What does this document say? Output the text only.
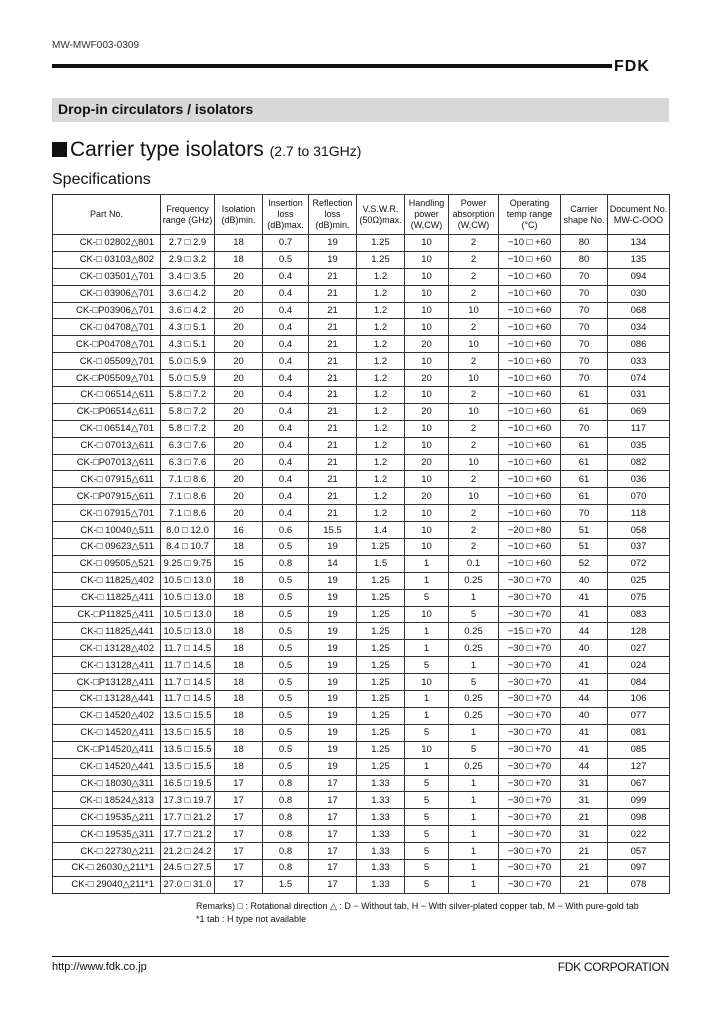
MW-MWF003-0309
FDK
Drop-in circulators / isolators
Carrier type isolators (2.7 to 31GHz)
Specifications
Part No.	Frequency range (GHz)	Isolation (dB)min.	Insertion loss (dB)max.	Reflection loss (dB)min.	V.S.W.R. (50Ω)max.	Handling power (W,CW)	Power absorption (W,CW)	Operating temp range (°C)	Carrier shape No.	Document No. MW-C-OOO
CK-□ 02802△801	2.7 □ 2.9	18	0.7	19	1.25	10	2	−10 □ +60	80	134
CK-□ 03103△802	2.9 □ 3.2	18	0.5	19	1.25	10	2	−10 □ +60	80	135
CK-□ 03501△701	3.4 □ 3.5	20	0.4	21	1.2	10	2	−10 □ +60	70	094
CK-□ 03906△701	3.6 □ 4.2	20	0.4	21	1.2	10	2	−10 □ +60	70	030
CK-□P03906△701	3.6 □ 4.2	20	0.4	21	1.2	10	10	−10 □ +60	70	068
CK-□ 04708△701	4.3 □ 5.1	20	0.4	21	1.2	10	2	−10 □ +60	70	034
CK-□P04708△701	4.3 □ 5.1	20	0.4	21	1.2	20	10	−10 □ +60	70	086
CK-□ 05509△701	5.0 □ 5.9	20	0.4	21	1.2	10	2	−10 □ +60	70	033
CK-□P05509△701	5.0 □ 5.9	20	0.4	21	1.2	20	10	−10 □ +60	70	074
CK-□ 06514△611	5.8 □ 7.2	20	0.4	21	1.2	10	2	−10 □ +60	61	031
CK-□P06514△611	5.8 □ 7.2	20	0.4	21	1.2	20	10	−10 □ +60	61	069
CK-□ 06514△701	5.8 □ 7.2	20	0.4	21	1.2	10	2	−10 □ +60	70	117
CK-□ 07013△611	6.3 □ 7.6	20	0.4	21	1.2	10	2	−10 □ +60	61	035
CK-□P07013△611	6.3 □ 7.6	20	0.4	21	1.2	20	10	−10 □ +60	61	082
CK-□ 07915△611	7.1 □ 8.6	20	0.4	21	1.2	10	2	−10 □ +60	61	036
CK-□P07915△611	7.1 □ 8.6	20	0.4	21	1.2	20	10	−10 □ +60	61	070
CK-□ 07915△701	7.1 □ 8.6	20	0.4	21	1.2	10	2	−10 □ +60	70	118
CK-□ 10040△511	8.0 □ 12.0	16	0.6	15.5	1.4	10	2	−20 □ +80	51	058
CK-□ 09623△511	8.4 □ 10.7	18	0.5	19	1.25	10	2	−10 □ +60	51	037
CK-□ 09505△521	9.25 □ 9.75	15	0.8	14	1.5	1	0.1	−10 □ +60	52	072
CK-□ 11825△402	10.5 □ 13.0	18	0.5	19	1.25	1	0.25	−30 □ +70	40	025
CK-□ 11825△411	10.5 □ 13.0	18	0.5	19	1.25	5	1	−30 □ +70	41	075
CK-□P11825△411	10.5 □ 13.0	18	0.5	19	1.25	10	5	−30 □ +70	41	083
CK-□ 11825△441	10.5 □ 13.0	18	0.5	19	1.25	1	0.25	−15 □ +70	44	128
CK-□ 13128△402	11.7 □ 14.5	18	0.5	19	1.25	1	0.25	−30 □ +70	40	027
CK-□ 13128△411	11.7 □ 14.5	18	0.5	19	1.25	5	1	−30 □ +70	41	024
CK-□P13128△411	11.7 □ 14.5	18	0.5	19	1.25	10	5	−30 □ +70	41	084
CK-□ 13128△441	11.7 □ 14.5	18	0.5	19	1.25	1	0.25	−30 □ +70	44	106
CK-□ 14520△402	13.5 □ 15.5	18	0.5	19	1.25	1	0.25	−30 □ +70	40	077
CK-□ 14520△411	13.5 □ 15.5	18	0.5	19	1.25	5	1	−30 □ +70	41	081
CK-□P14520△411	13.5 □ 15.5	18	0.5	19	1.25	10	5	−30 □ +70	41	085
CK-□ 14520△441	13.5 □ 15.5	18	0.5	19	1.25	1	0.25	−30 □ +70	44	127
CK-□ 18030△311	16.5 □ 19.5	17	0.8	17	1.33	5	1	−30 □ +70	31	067
CK-□ 18524△313	17.3 □ 19.7	17	0.8	17	1.33	5	1	−30 □ +70	31	099
CK-□ 19535△211	17.7 □ 21.2	17	0.8	17	1.33	5	1	−30 □ +70	21	098
CK-□ 19535△311	17.7 □ 21.2	17	0.8	17	1.33	5	1	−30 □ +70	31	022
CK-□ 22730△211	21.2 □ 24.2	17	0.8	17	1.33	5	1	−30 □ +70	21	057
CK-□ 26030△211*1	24.5 □ 27.5	17	0.8	17	1.33	5	1	−30 □ +70	21	097
CK-□ 29040△211*1	27.0 □ 31.0	17	1.5	17	1.33	5	1	−30 □ +70	21	078
Remarks) □ : Rotational direction △ : D − Without tab, H − With silver-plated copper tab, M − With pure-gold tab
*1 tab : H type not available
http://www.fdk.co.jp	FDK CORPORATION
